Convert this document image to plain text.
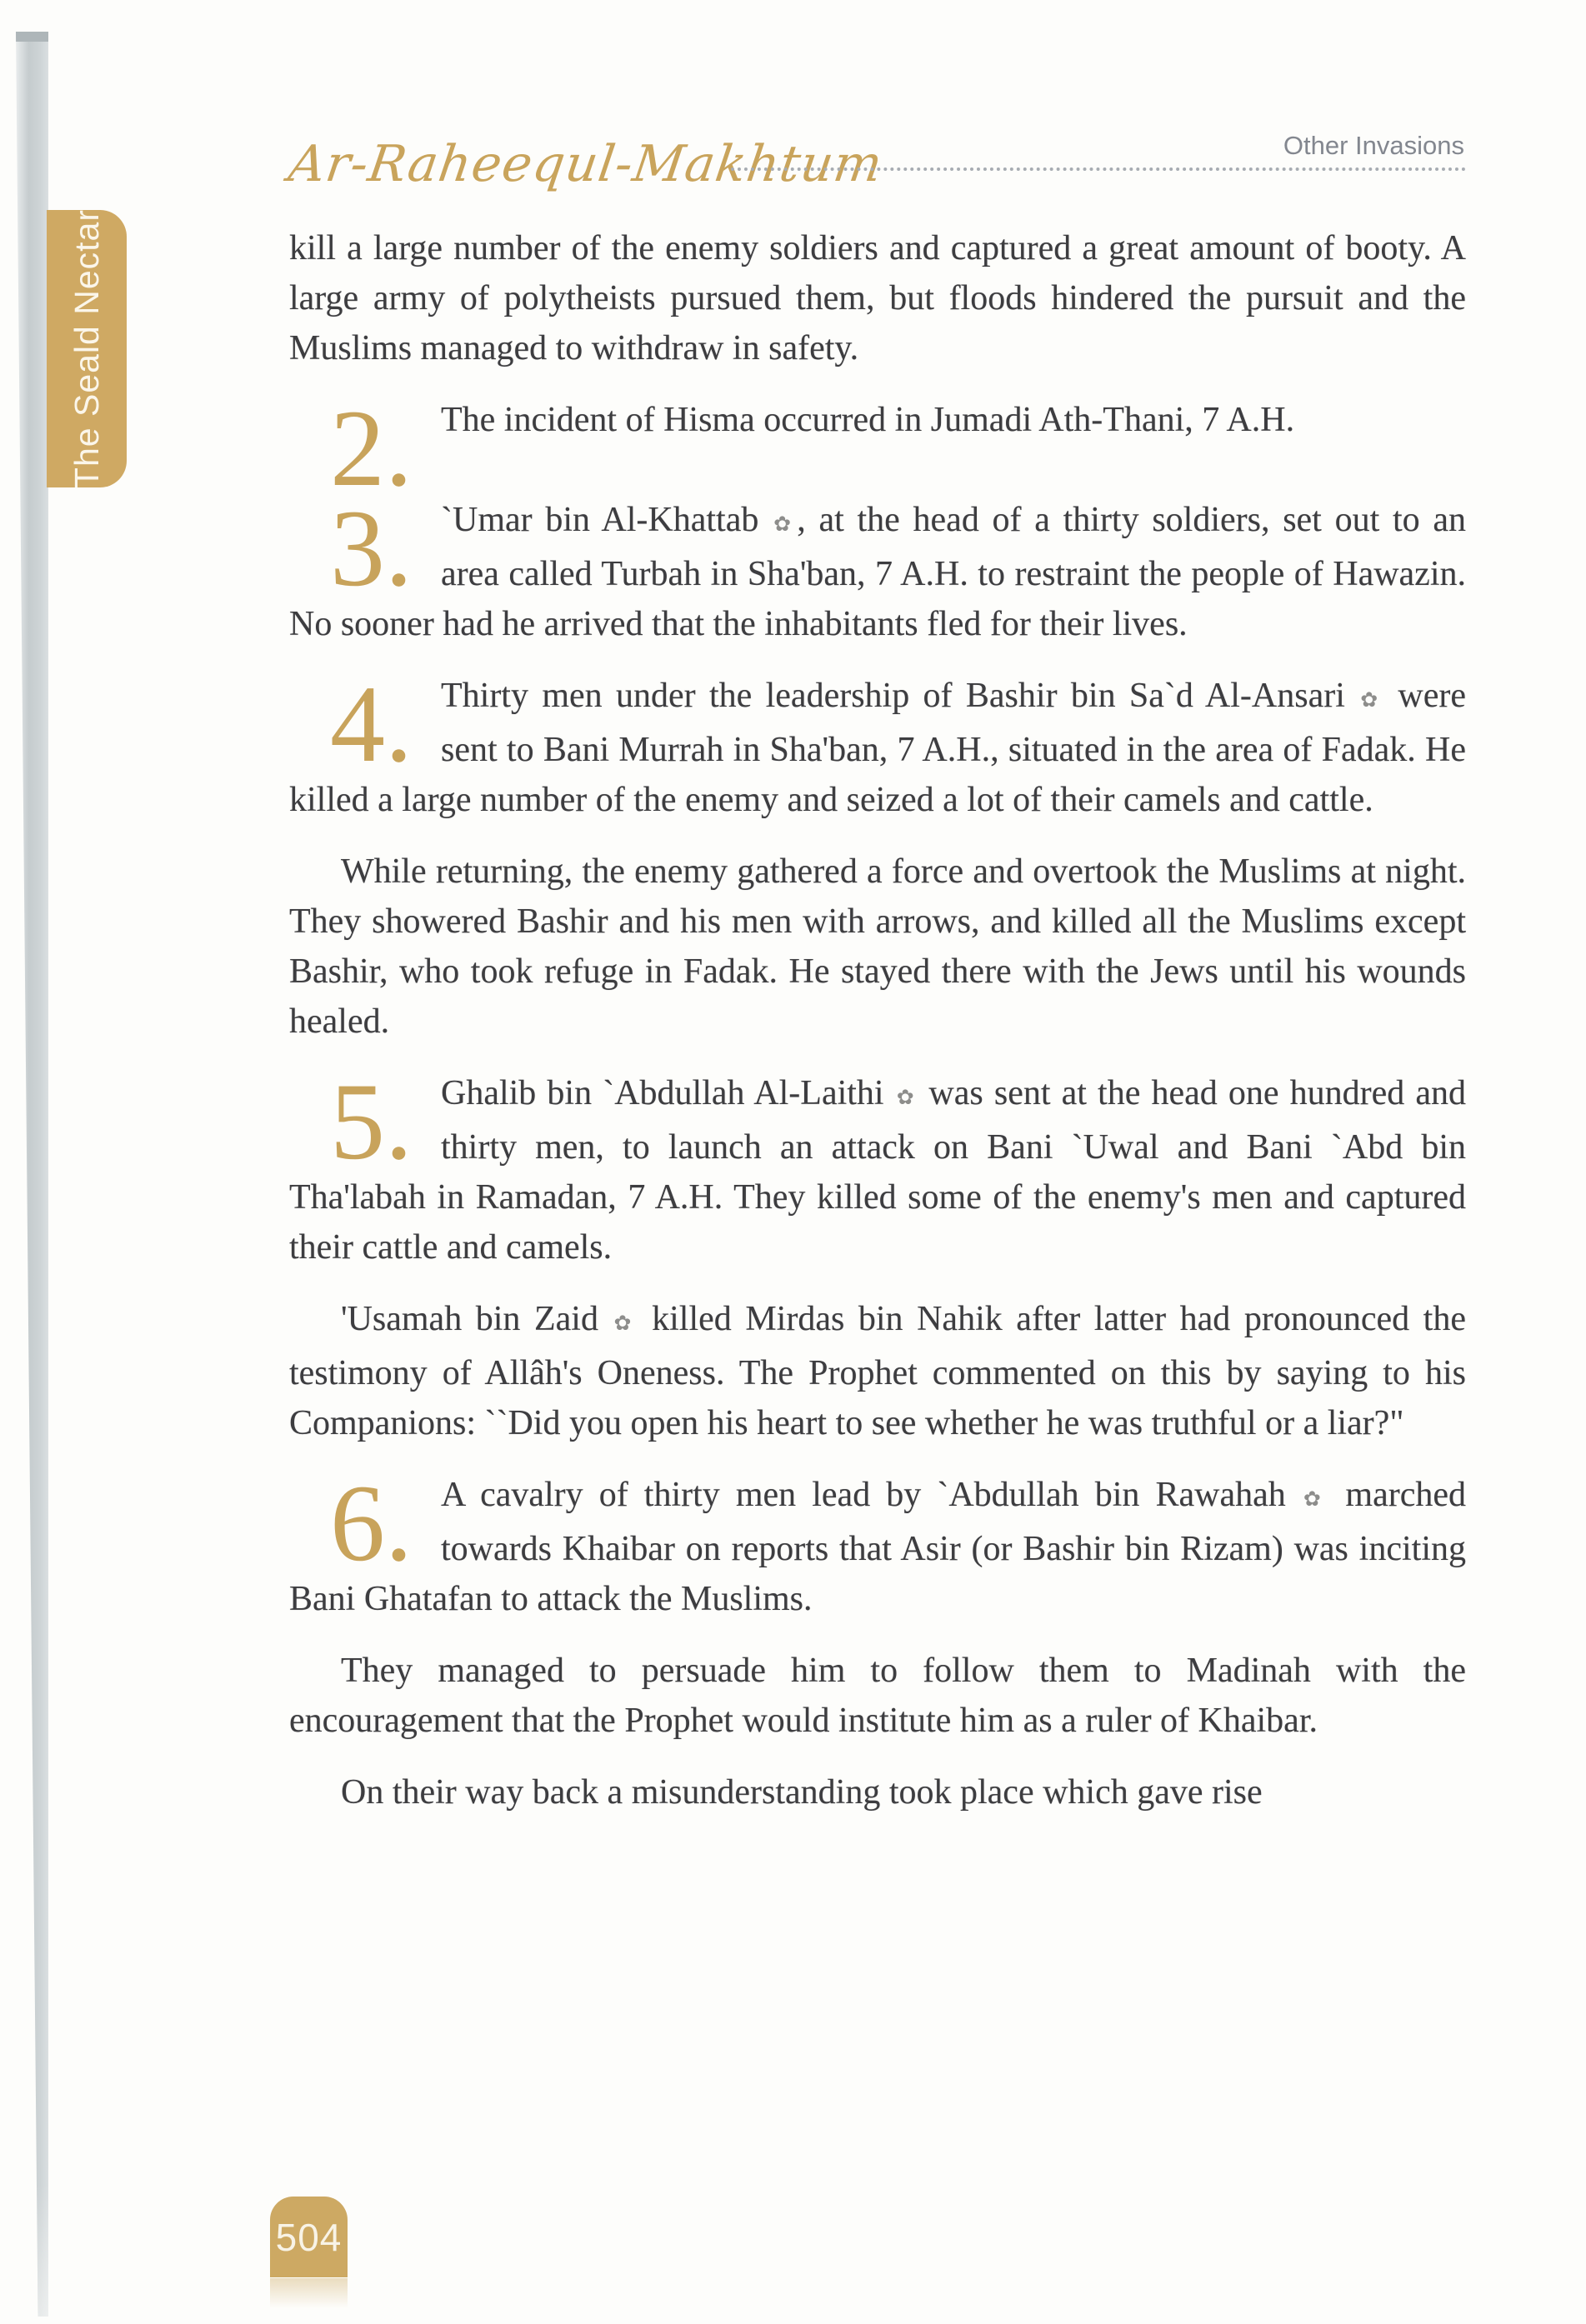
The Seald Nectar
Ar-Raheequl-Makhtum	Other Invasions
kill a large number of the enemy soldiers and captured a great amount of booty. A large army of polytheists pursued them, but floods hindered the pursuit and the Muslims managed to withdraw in safety.
2. The incident of Hisma occurred in Jumadi Ath-Thani, 7 A.H.
3. `Umar bin Al-Khattab ✿, at the head of a thirty soldiers, set out to an area called Turbah in Sha'ban, 7 A.H. to restraint the people of Hawazin. No sooner had he arrived that the inhabitants fled for their lives.
4. Thirty men under the leadership of Bashir bin Sa`d Al-Ansari ✿ were sent to Bani Murrah in Sha'ban, 7 A.H., situated in the area of Fadak. He killed a large number of the enemy and seized a lot of their camels and cattle.
While returning, the enemy gathered a force and overtook the Muslims at night. They showered Bashir and his men with arrows, and killed all the Muslims except Bashir, who took refuge in Fadak. He stayed there with the Jews until his wounds healed.
5. Ghalib bin `Abdullah Al-Laithi ✿ was sent at the head one hundred and thirty men, to launch an attack on Bani `Uwal and Bani `Abd bin Tha'labah in Ramadan, 7 A.H. They killed some of the enemy's men and captured their cattle and camels.
'Usamah bin Zaid ✿ killed Mirdas bin Nahik after latter had pronounced the testimony of Allâh's Oneness. The Prophet commented on this by saying to his Companions: ``Did you open his heart to see whether he was truthful or a liar?"
6. A cavalry of thirty men lead by `Abdullah bin Rawahah ✿ marched towards Khaibar on reports that Asir (or Bashir bin Rizam) was inciting Bani Ghatafan to attack the Muslims.
They managed to persuade him to follow them to Madinah with the encouragement that the Prophet would institute him as a ruler of Khaibar.
On their way back a misunderstanding took place which gave rise
504
